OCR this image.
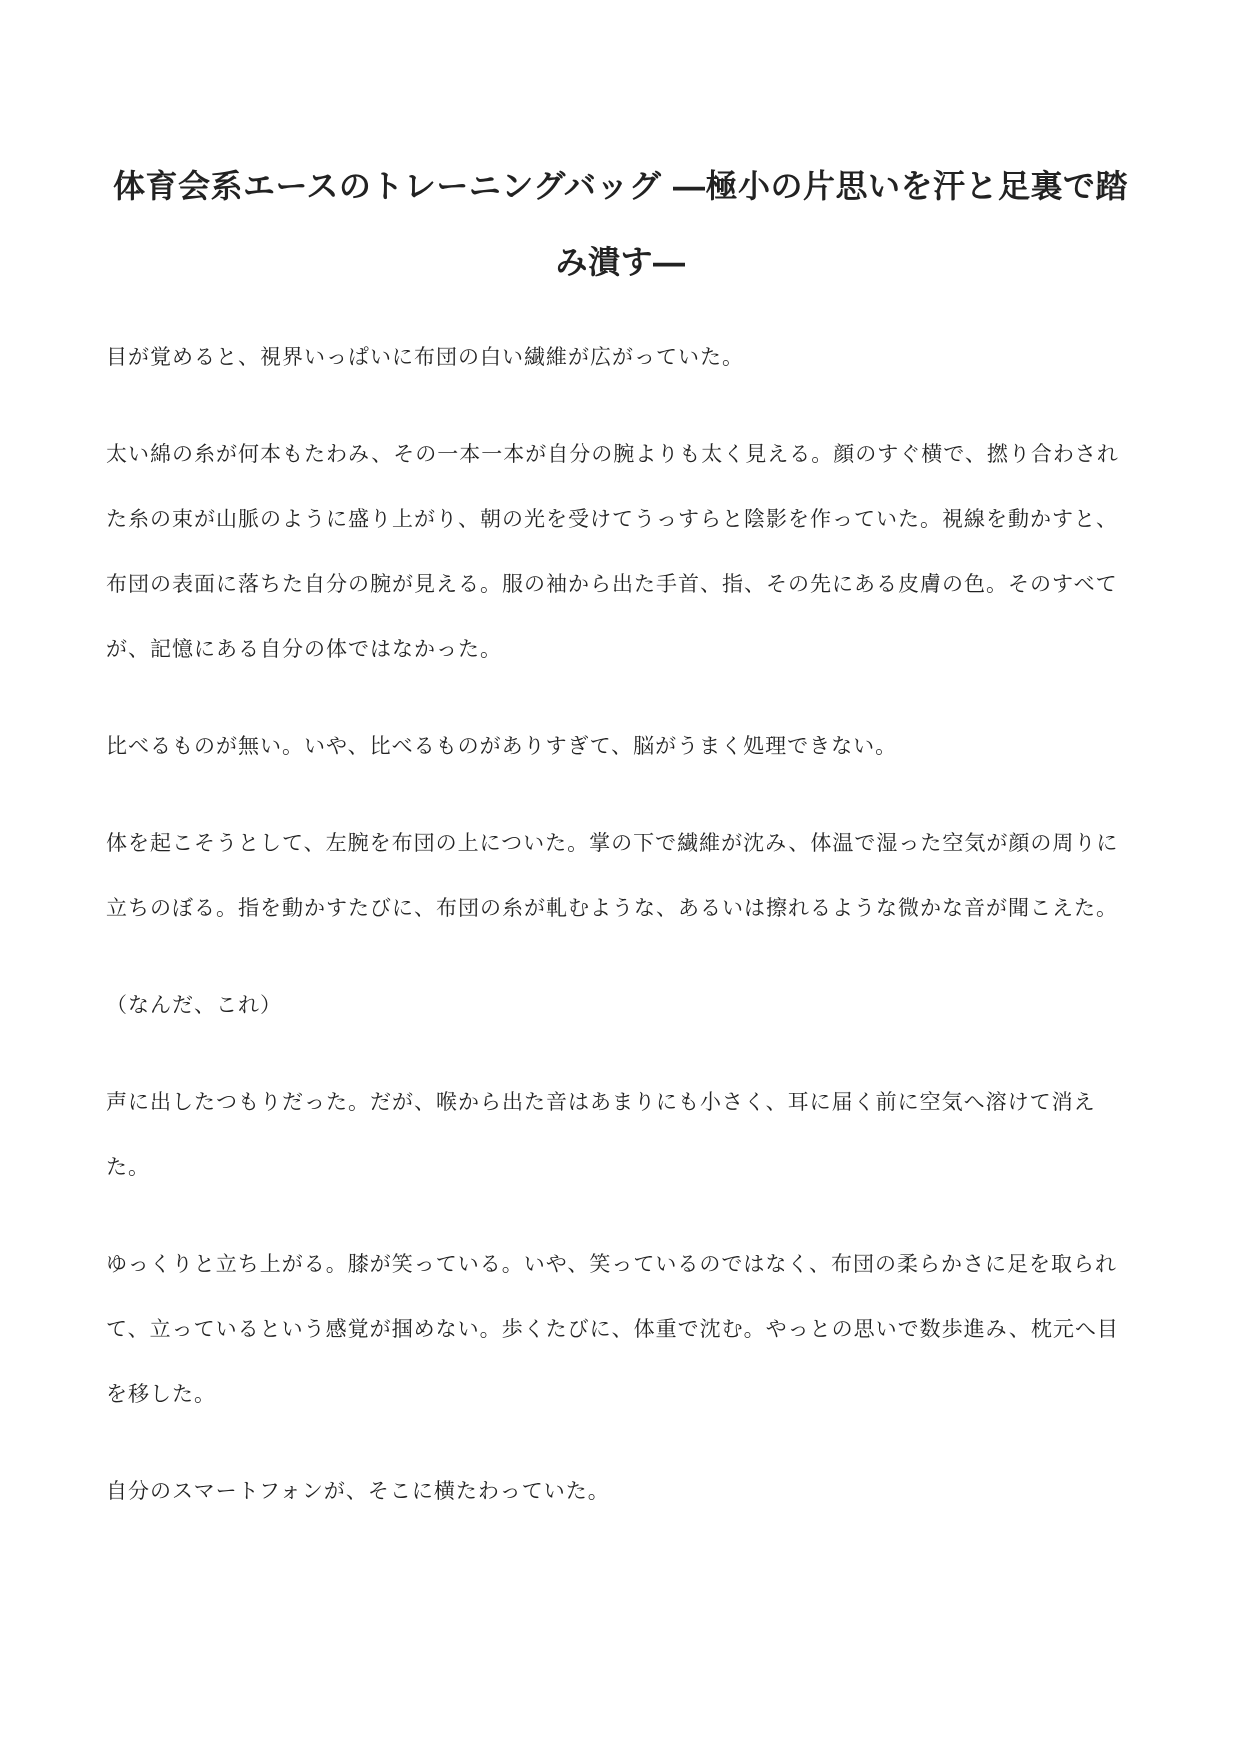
体育会系エースのトレーニングバッグ ―極小の片思いを汗と足裏で踏み潰す―

目が覚めると、視界いっぱいに布団の白い繊維が広がっていた。

太い綿の糸が何本もたわみ、その一本一本が自分の腕よりも太く見える。顔のすぐ横で、撚り合わされた糸の束が山脈のように盛り上がり、朝の光を受けてうっすらと陰影を作っていた。視線を動かすと、布団の表面に落ちた自分の腕が見える。服の袖から出た手首、指、その先にある皮膚の色。そのすべてが、記憶にある自分の体ではなかった。

比べるものが無い。いや、比べるものがありすぎて、脳がうまく処理できない。

体を起こそうとして、左腕を布団の上についた。掌の下で繊維が沈み、体温で湿った空気が顔の周りに立ちのぼる。指を動かすたびに、布団の糸が軋むような、あるいは擦れるような微かな音が聞こえた。

（なんだ、これ）

声に出したつもりだった。だが、喉から出た音はあまりにも小さく、耳に届く前に空気へ溶けて消えた。

ゆっくりと立ち上がる。膝が笑っている。いや、笑っているのではなく、布団の柔らかさに足を取られて、立っているという感覚が掴めない。歩くたびに、体重で沈む。やっとの思いで数歩進み、枕元へ目を移した。

自分のスマートフォンが、そこに横たわっていた。
